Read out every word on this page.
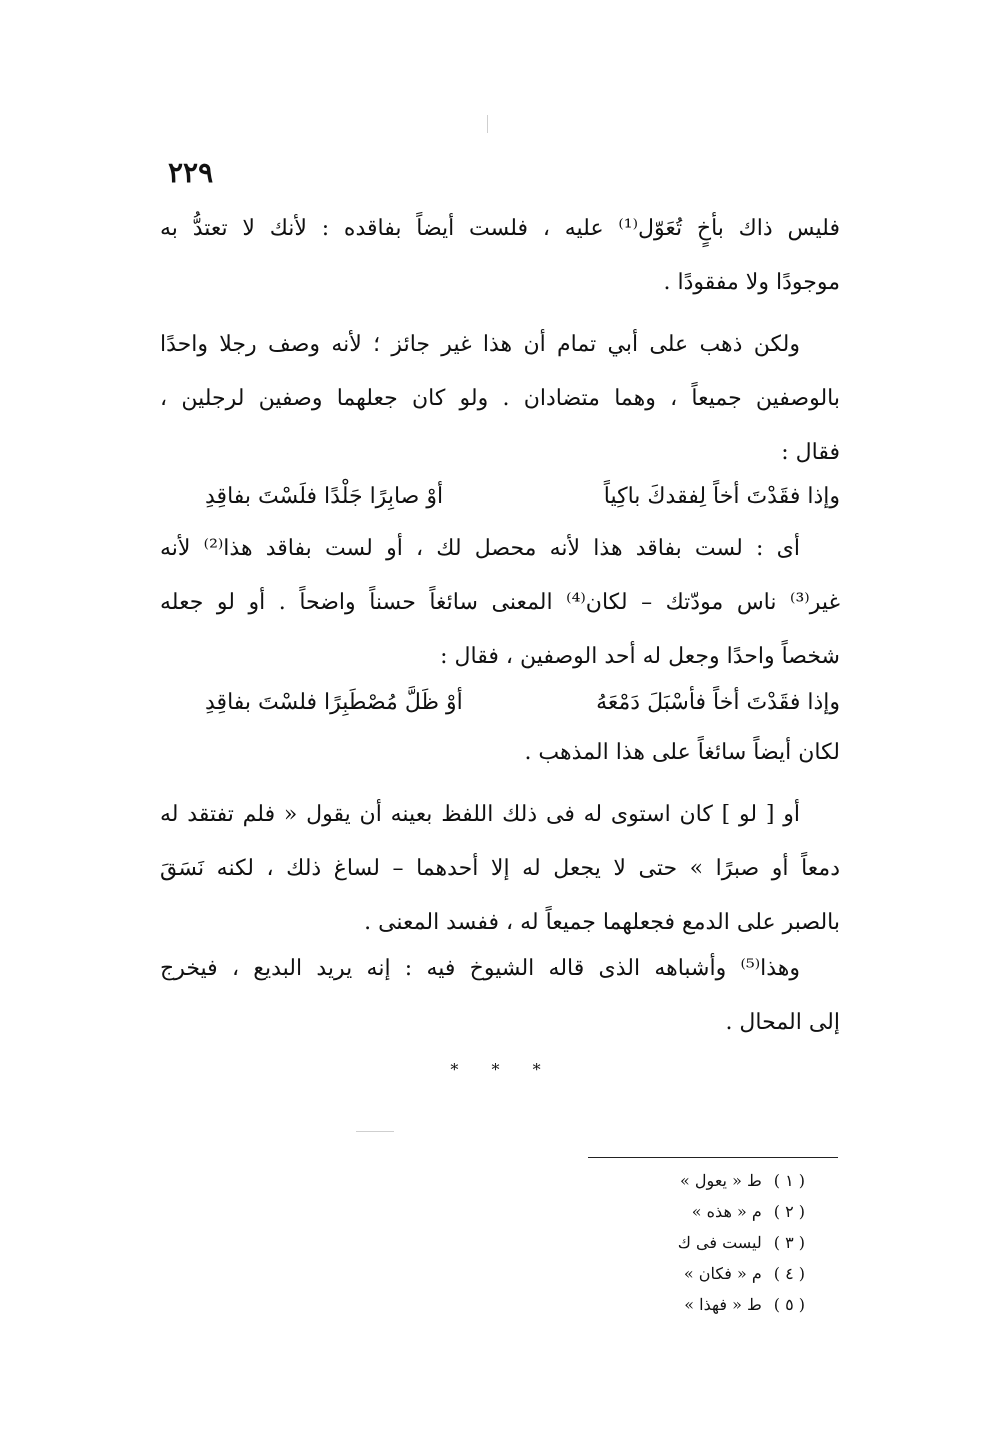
٢٢٩
فليس ذاك بأخٍ تُعَوّل⁽¹⁾ عليه ، فلست أيضاً بفاقده : لأنك لا تعتدُّ به
موجودًا ولا مفقودًا .
ولكن ذهب على أبي تمام أن هذا غير جائز ؛ لأنه وصف رجلا واحدًا
بالوصفين جميعاً ، وهما متضادان . ولو كان جعلهما وصفين لرجلين ،
فقال :
وإذا فقَدْتَ أخاً لِفقدكَ باكِياً
أوْ صابِرًا جَلْدًا فلَسْتَ بفاقِدِ
أى : لست بفاقد هذا لأنه محصل لك ، أو لست بفاقد هذا⁽²⁾ لأنه
غير⁽³⁾ ناس مودّتك – لكان⁽⁴⁾ المعنى سائغاً حسناً واضحاً . أو لو جعله
شخصاً واحدًا وجعل له أحد الوصفين ، فقال :
وإذا فقَدْتَ أخاً فأسْبَلَ دَمْعَهُ
أوْ ظَلَّ مُصْطَبِرًا فلسْتَ بفاقِدِ
لكان أيضاً سائغاً على هذا المذهب .
أو [ لو ] كان استوى له فى ذلك اللفظ بعينه أن يقول « فلم تفتقد له
دمعاً أو صبرًا » حتى لا يجعل له إلا أحدهما – لساغ ذلك ، لكنه نَسَقَ
بالصبر على الدمع فجعلهما جميعاً له ، ففسد المعنى .
وهذا⁽⁵⁾ وأشباهه الذى قاله الشيوخ فيه : إنه يريد البديع ، فيخرج
إلى المحال .
* * *
( ١ )ط « يعول »
( ٢ )م « هذه »
( ٣ )ليست فى ك
( ٤ )م « فكان »
( ٥ )ط « فهذا »
